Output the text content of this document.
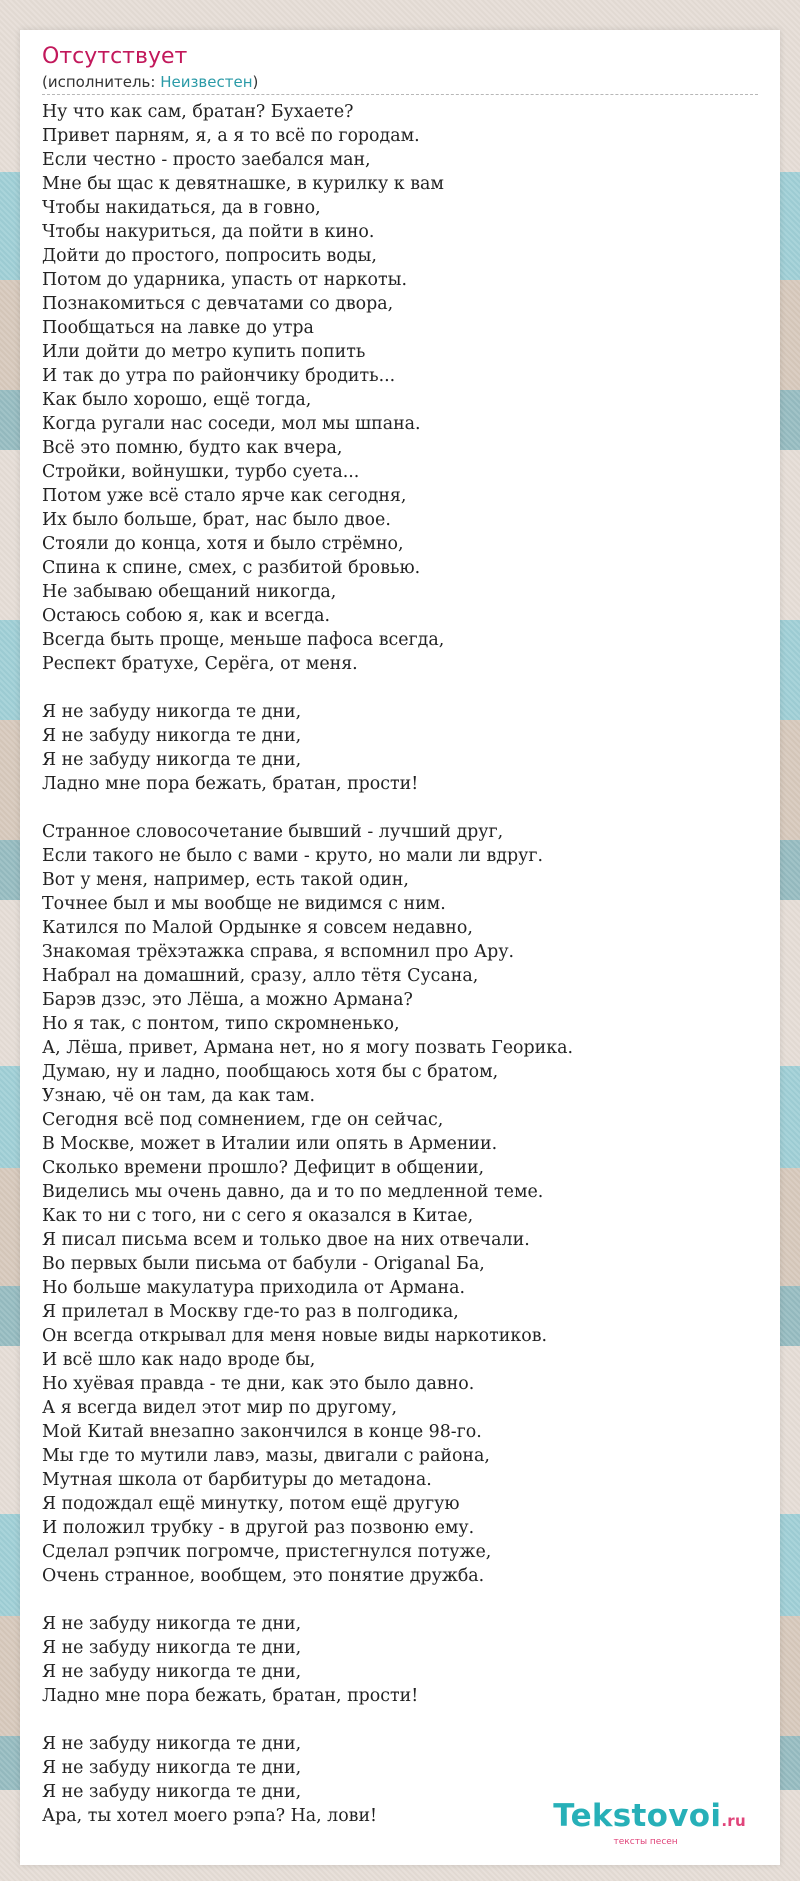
Отсутствует
(исполнитель: Неизвестен)
Ну что как сам, братан? Бухаете?
Привет парням, я, а я то всё по городам.
Если честно - просто заебался ман,
Мне бы щас к девятнашке, в курилку к вам
Чтобы накидаться, да в говно,
Чтобы накуриться, да пойти в кино.
Дойти до простого, попросить воды,
Потом до ударника, упасть от наркоты.
Познакомиться с девчатами со двора,
Пообщаться на лавке до утра
Или дойти до метро купить попить
И так до утра по райончику бродить...
Как было хорошо, ещё тогда,
Когда ругали нас соседи, мол мы шпана.
Всё это помню, будто как вчера,
Стройки, войнушки, турбо суета...
Потом уже всё стало ярче как сегодня,
Их было больше, брат, нас было двое.
Стояли до конца, хотя и было стрёмно,
Спина к спине, смех, с разбитой бровью.
Не забываю обещаний никогда,
Остаюсь собою я, как и всегда.
Всегда быть проще, меньше пафоса всегда,
Респект братухе, Серёга, от меня.
Я не забуду никогда те дни,
Я не забуду никогда те дни,
Я не забуду никогда те дни,
Ладно мне пора бежать, братан, прости!
Странное словосочетание бывший - лучший друг,
Если такого не было с вами - круто, но мали ли вдруг.
Вот у меня, например, есть такой один,
Точнее был и мы вообще не видимся с ним.
Катился по Малой Ордынке я совсем недавно,
Знакомая трёхэтажка справа, я вспомнил про Ару.
Набрал на домашний, сразу, алло тётя Сусана,
Барэв дзэс, это Лёша, а можно Армана?
Но я так, с понтом, типо скромненько,
А, Лёша, привет, Армана нет, но я могу позвать Георика.
Думаю, ну и ладно, пообщаюсь хотя бы с братом,
Узнаю, чё он там, да как там.
Сегодня всё под сомнением, где он сейчас,
В Москве, может в Италии или опять в Армении.
Сколько времени прошло? Дефицит в общении,
Виделись мы очень давно, да и то по медленной теме.
Как то ни с того, ни с сего я оказался в Китае,
Я писал письма всем и только двое на них отвечали.
Во первых были письма от бабули - Origanal Ба,
Но больше макулатура приходила от Армана.
Я прилетал в Москву где-то раз в полгодика,
Он всегда открывал для меня новые виды наркотиков.
И всё шло как надо вроде бы,
Но хуёвая правда - те дни, как это было давно.
А я всегда видел этот мир по другому,
Мой Китай внезапно закончился в конце 98-го.
Мы где то мутили лавэ, мазы, двигали с района,
Мутная школа от барбитуры до метадона.
Я подождал ещё минутку, потом ещё другую
И положил трубку - в другой раз позвоню ему.
Сделал рэпчик погромче, пристегнулся потуже,
Очень странное, вообщем, это понятие дружба.
Я не забуду никогда те дни,
Я не забуду никогда те дни,
Я не забуду никогда те дни,
Ладно мне пора бежать, братан, прости!
Я не забуду никогда те дни,
Я не забуду никогда те дни,
Я не забуду никогда те дни,
Ара, ты хотел моего рэпа? На, лови!	Tekstovoi.ru
тексты песен
